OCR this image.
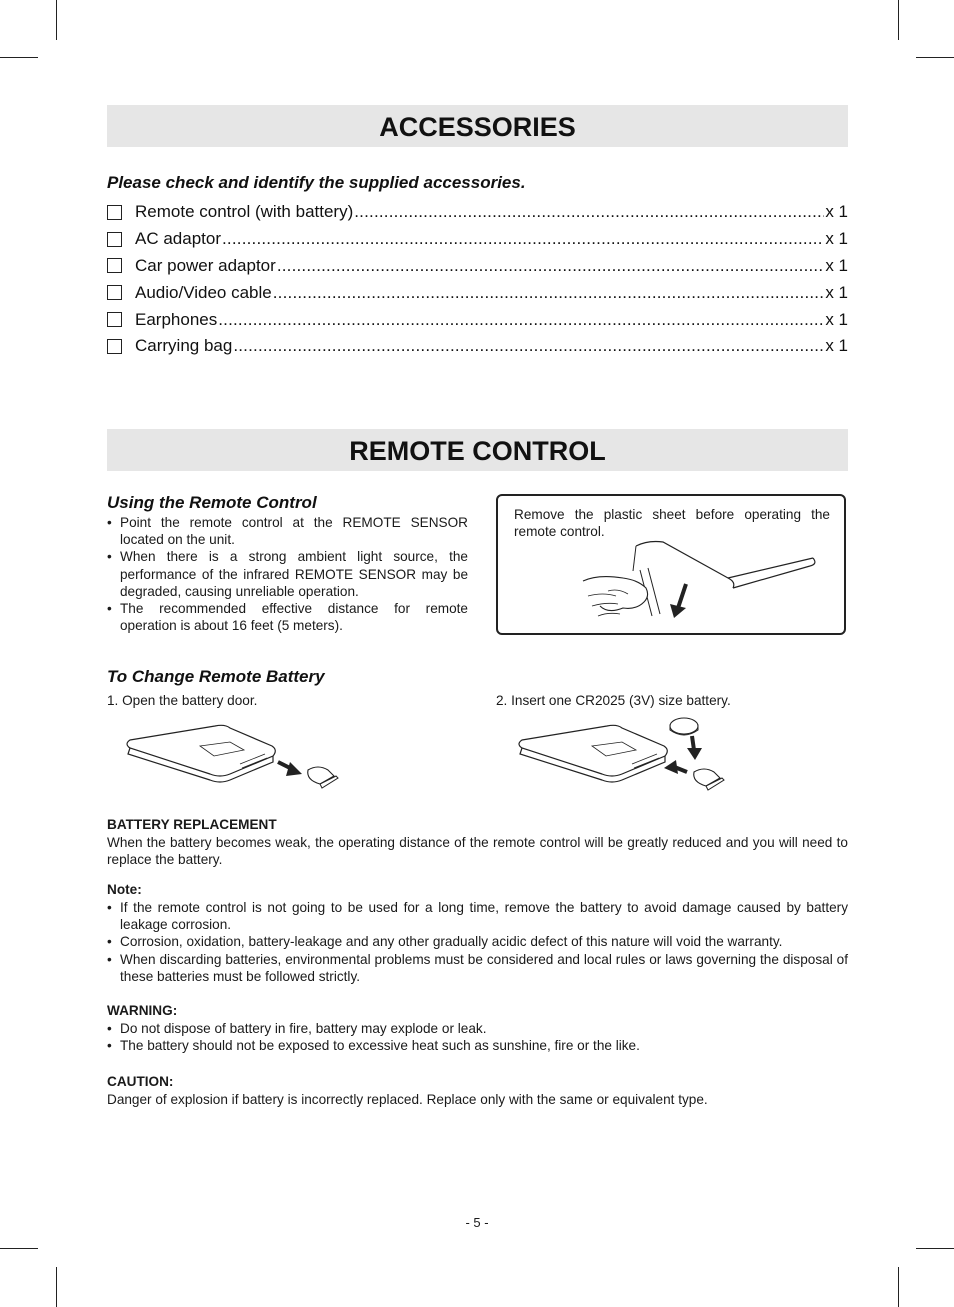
ACCESSORIES
Please check and identify the supplied accessories.
Remote control (with battery) .....	x 1
AC adaptor .....	x 1
Car power adaptor .....	x 1
Audio/Video cable .....	x 1
Earphones .....	x 1
Carrying bag .....	x 1
REMOTE CONTROL
Using the Remote Control
• Point the remote control at the REMOTE SENSOR located on the unit.
• When there is a strong ambient light source, the performance of the infrared REMOTE SENSOR may be degraded, causing unreliable operation.
• The recommended effective distance for remote operation is about 16 feet (5 meters).
Remove the plastic sheet before operating the remote control.
To Change Remote Battery
1. Open the battery door.	2. Insert one CR2025 (3V) size battery.
BATTERY REPLACEMENT
When the battery becomes weak, the operating distance of the remote control will be greatly reduced and you will need to replace the battery.
Note:
• If the remote control is not going to be used for a long time, remove the battery to avoid damage caused by battery leakage corrosion.
• Corrosion, oxidation, battery-leakage and any other gradually acidic defect of this nature will void the warranty.
• When discarding batteries, environmental problems must be considered and local rules or laws governing the disposal of these batteries must be followed strictly.
WARNING:
• Do not dispose of battery in fire, battery may explode or leak.
• The battery should not be exposed to excessive heat such as sunshine, fire or the like.
CAUTION:
Danger of explosion if battery is incorrectly replaced. Replace only with the same or equivalent type.
- 5 -
